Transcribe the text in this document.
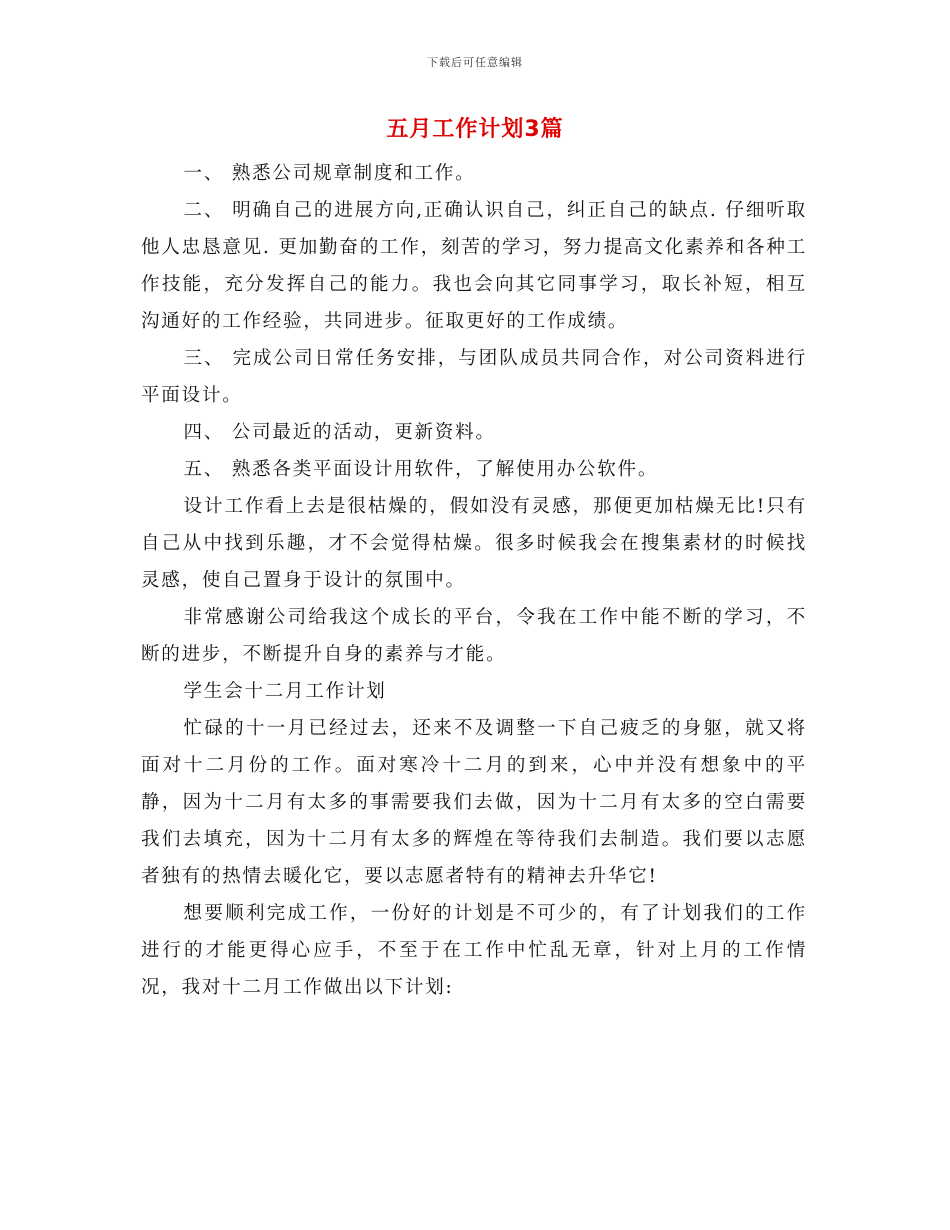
下载后可任意编辑
五月工作计划3篇

一、 熟悉公司规章制度和工作。

二、 明确自己的进展方向,正确认识自己，纠正自己的缺点. 仔细听取他人忠恳意见. 更加勤奋的工作，刻苦的学习，努力提高文化素养和各种工作技能，充分发挥自己的能力。我也会向其它同事学习，取长补短，相互沟通好的工作经验，共同进步。征取更好的工作成绩。

三、 完成公司日常任务安排，与团队成员共同合作，对公司资料进行平面设计。

四、 公司最近的活动，更新资料。

五、 熟悉各类平面设计用软件，了解使用办公软件。

设计工作看上去是很枯燥的，假如没有灵感，那便更加枯燥无比!只有自己从中找到乐趣，才不会觉得枯燥。很多时候我会在搜集素材的时候找灵感，使自己置身于设计的氛围中。

非常感谢公司给我这个成长的平台，令我在工作中能不断的学习，不断的进步，不断提升自身的素养与才能。

学生会十二月工作计划

忙碌的十一月已经过去，还来不及调整一下自己疲乏的身躯，就又将面对十二月份的工作。面对寒冷十二月的到来，心中并没有想象中的平静，因为十二月有太多的事需要我们去做，因为十二月有太多的空白需要我们去填充，因为十二月有太多的辉煌在等待我们去制造。我们要以志愿者独有的热情去暖化它，要以志愿者特有的精神去升华它!

想要顺利完成工作，一份好的计划是不可少的，有了计划我们的工作进行的才能更得心应手，不至于在工作中忙乱无章，针对上月的工作情况，我对十二月工作做出以下计划:
